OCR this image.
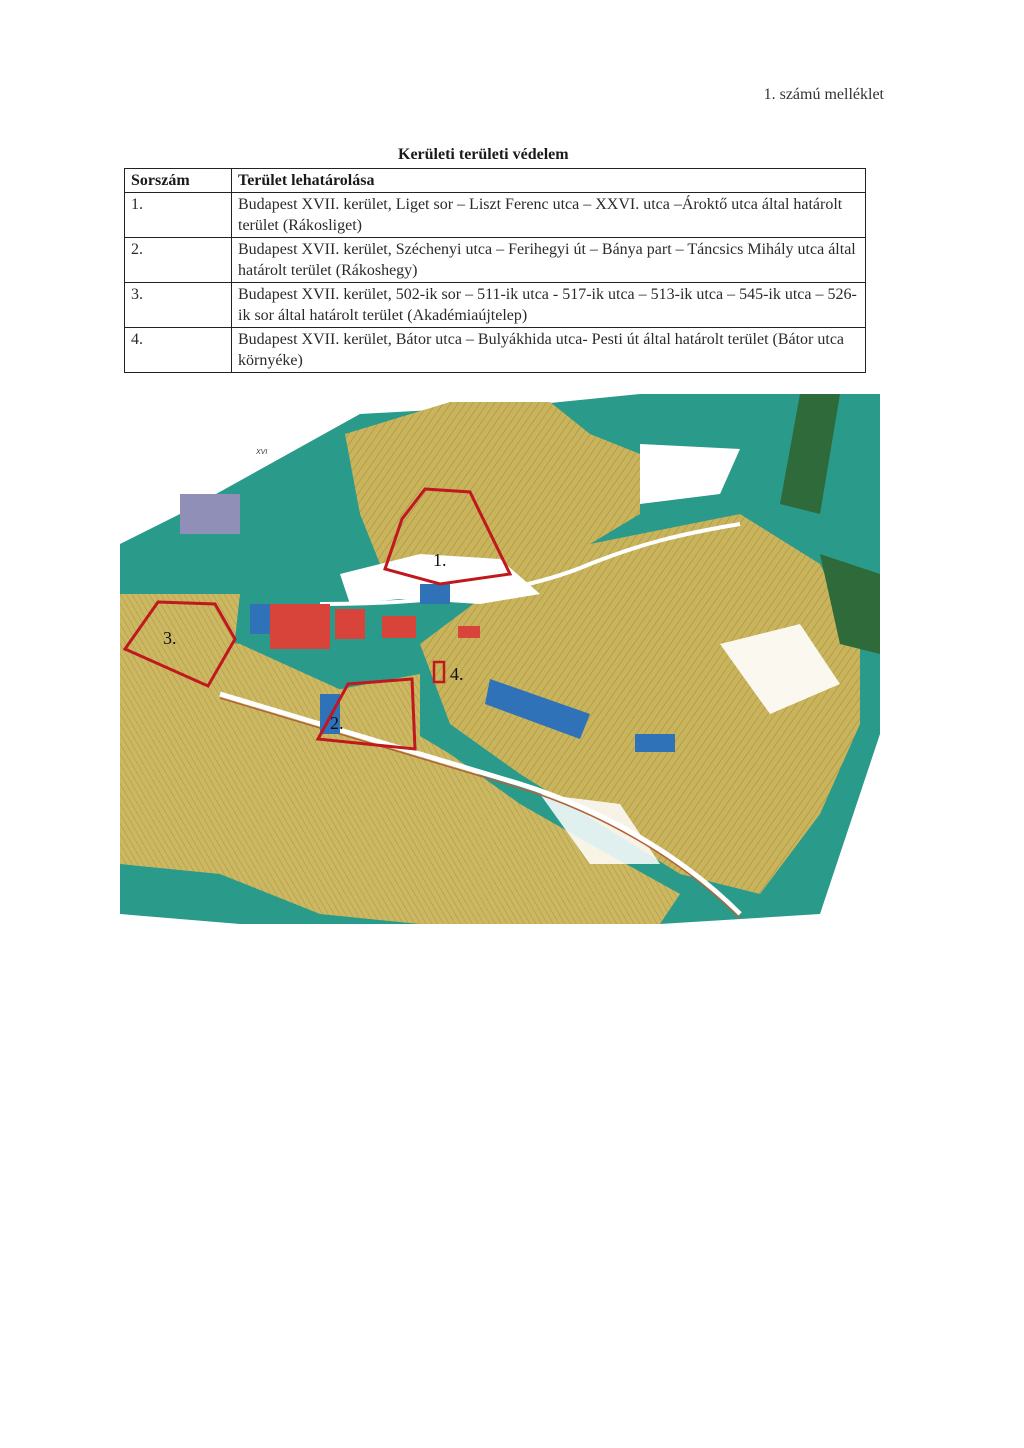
1. számú melléklet
Kerületi területi védelem
Sorszám	Terület lehatárolása
1.	Budapest XVII. kerület, Liget sor – Liszt Ferenc utca – XXVI. utca –Ároktő utca által határolt terület (Rákosliget)
2.	Budapest XVII. kerület, Széchenyi utca – Ferihegyi út – Bánya part – Táncsics Mihály utca által határolt terület (Rákoshegy)
3.	Budapest XVII. kerület, 502-ik sor – 511-ik utca - 517-ik utca – 513-ik utca – 545-ik utca – 526-ik sor által határolt terület (Akadémiaújtelep)
4.	Budapest XVII. kerület, Bátor utca – Bulyákhida utca- Pesti út által határolt terület (Bátor utca környéke)
1.
2.
3.
4.
XVI
